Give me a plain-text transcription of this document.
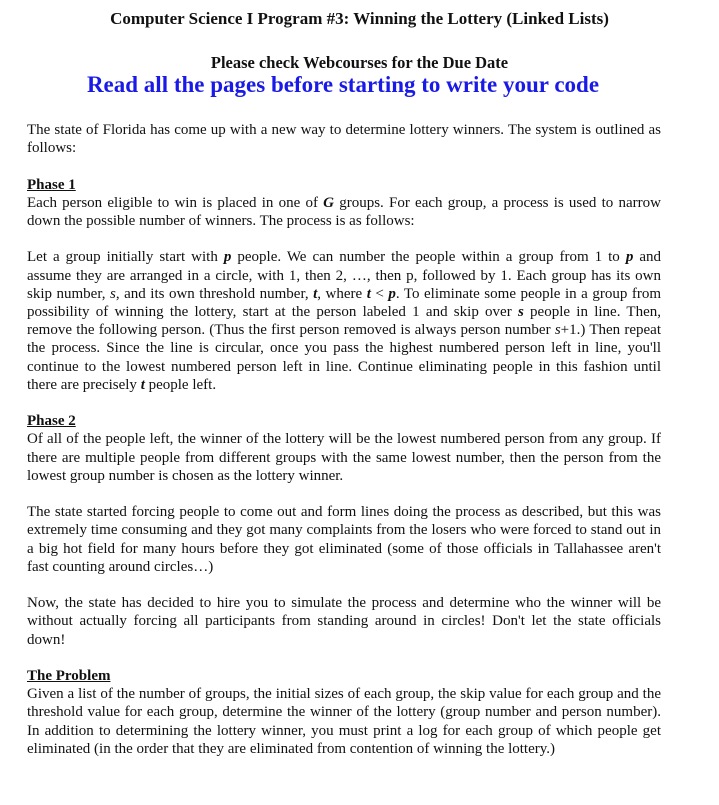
Computer Science I Program #3: Winning the Lottery (Linked Lists)
Please check Webcourses for the Due Date
Read all the pages before starting to write your code

The state of Florida has come up with a new way to determine lottery winners. The system is outlined as follows:

Phase 1

Each person eligible to win is placed in one of G groups. For each group, a process is used to narrow down the possible number of winners. The process is as follows:

Let a group initially start with p people. We can number the people within a group from 1 to p and assume they are arranged in a circle, with 1, then 2, …, then p, followed by 1. Each group has its own skip number, s, and its own threshold number, t, where t < p. To eliminate some people in a group from possibility of winning the lottery, start at the person labeled 1 and skip over s people in line. Then, remove the following person. (Thus the first person removed is always person number s+1.) Then repeat the process. Since the line is circular, once you pass the highest numbered person left in line, you'll continue to the lowest numbered person left in line. Continue eliminating people in this fashion until there are precisely t people left.

Phase 2

Of all of the people left, the winner of the lottery will be the lowest numbered person from any group. If there are multiple people from different groups with the same lowest number, then the person from the lowest group number is chosen as the lottery winner.

The state started forcing people to come out and form lines doing the process as described, but this was extremely time consuming and they got many complaints from the losers who were forced to stand out in a big hot field for many hours before they got eliminated (some of those officials in Tallahassee aren't fast counting around circles…)

Now, the state has decided to hire you to simulate the process and determine who the winner will be without actually forcing all participants from standing around in circles! Don't let the state officials down!

The Problem

Given a list of the number of groups, the initial sizes of each group, the skip value for each group and the threshold value for each group, determine the winner of the lottery (group number and person number). In addition to determining the lottery winner, you must print a log for each group of which people get eliminated (in the order that they are eliminated from contention of winning the lottery.)
